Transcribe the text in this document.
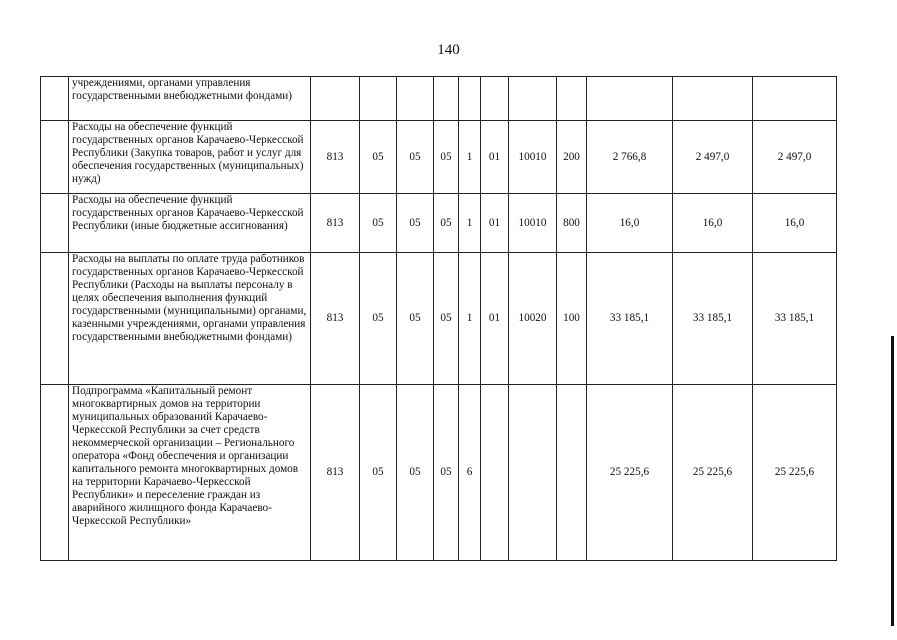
140
	учреждениями, органами управления государственными внебюджетными фондами)											
	Расходы на обеспечение функций государственных органов Карачаево-Черкесской Республики (Закупка товаров, работ и услуг для обеспечения государственных (муниципальных) нужд)	813	05	05	05	1	01	10010	200	2 766,8	2 497,0	2 497,0
	Расходы на обеспечение функций государственных органов Карачаево-Черкесской Республики (иные бюджетные ассигнования)	813	05	05	05	1	01	10010	800	16,0	16,0	16,0
	Расходы на выплаты по оплате труда работников государственных органов Карачаево-Черкесской Республики (Расходы на выплаты персоналу в целях обеспечения выполнения функций государственными (муниципальными) органами, казенными учреждениями, органами управления государственными внебюджетными фондами)	813	05	05	05	1	01	10020	100	33 185,1	33 185,1	33 185,1
	Подпрограмма «Капитальный ремонт многоквартирных домов на территории муниципальных образований Карачаево-Черкесской Республики за счет средств некоммерческой организации – Регионального оператора «Фонд обеспечения и организации капитального ремонта многоквартирных домов на территории Карачаево-Черкесской Республики» и переселение граждан из аварийного жилищного фонда Карачаево-Черкесской Республики»	813	05	05	05	6				25 225,6	25 225,6	25 225,6
